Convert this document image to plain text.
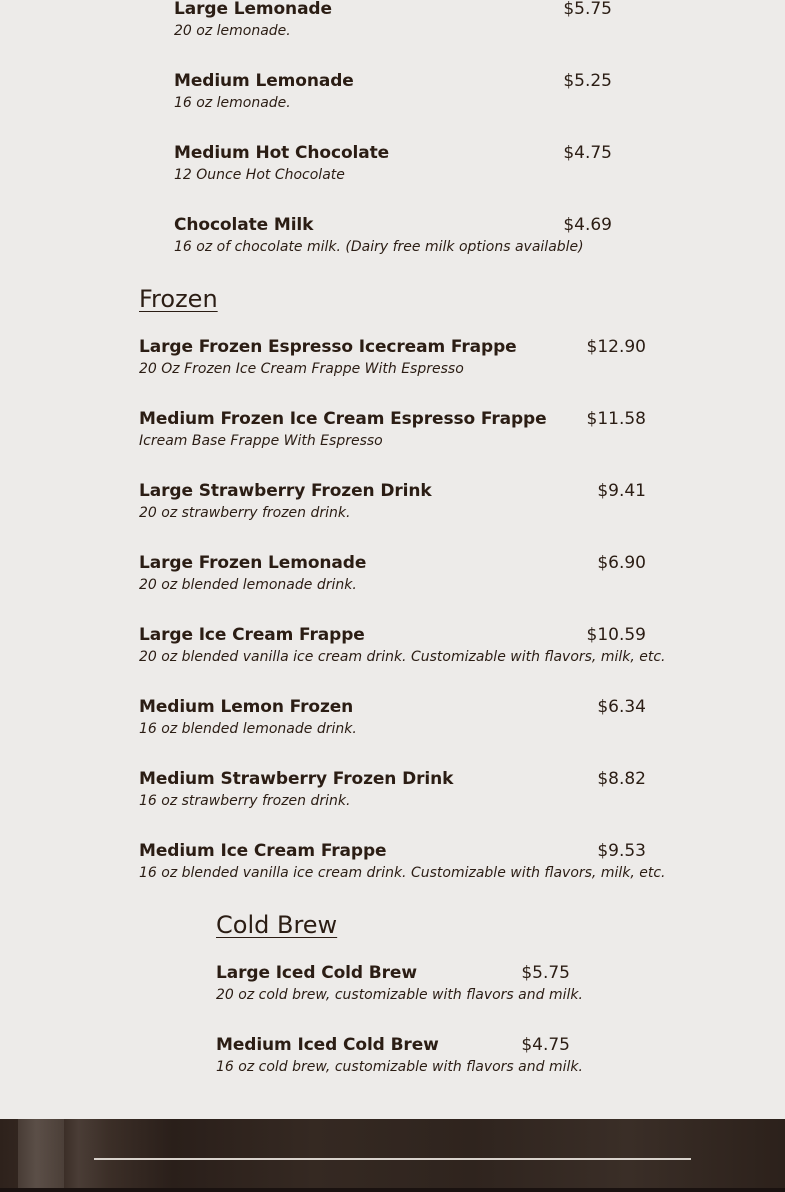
Large Lemonade	$5.75
20 oz lemonade.
Medium Lemonade	$5.25
16 oz lemonade.
Medium Hot Chocolate	$4.75
12 Ounce Hot Chocolate
Chocolate Milk	$4.69
16 oz of chocolate milk. (Dairy free milk options available)
Frozen
Large Frozen Espresso Icecream Frappe	$12.90
20 Oz Frozen Ice Cream Frappe With Espresso
Medium Frozen Ice Cream Espresso Frappe $11.58
Icream Base Frappe With Espresso
Large Strawberry Frozen Drink	$9.41
20 oz strawberry frozen drink.
Large Frozen Lemonade	$6.90
20 oz blended lemonade drink.
Large Ice Cream Frappe	$10.59
20 oz blended vanilla ice cream drink. Customizable with flavors, milk, etc.
Medium Lemon Frozen	$6.34
16 oz blended lemonade drink.
Medium Strawberry Frozen Drink	$8.82
16 oz strawberry frozen drink.
Medium Ice Cream Frappe	$9.53
16 oz blended vanilla ice cream drink. Customizable with flavors, milk, etc.
Cold Brew
Large Iced Cold Brew	$5.75
20 oz cold brew, customizable with flavors and milk.
Medium Iced Cold Brew	$4.75
16 oz cold brew, customizable with flavors and milk.
